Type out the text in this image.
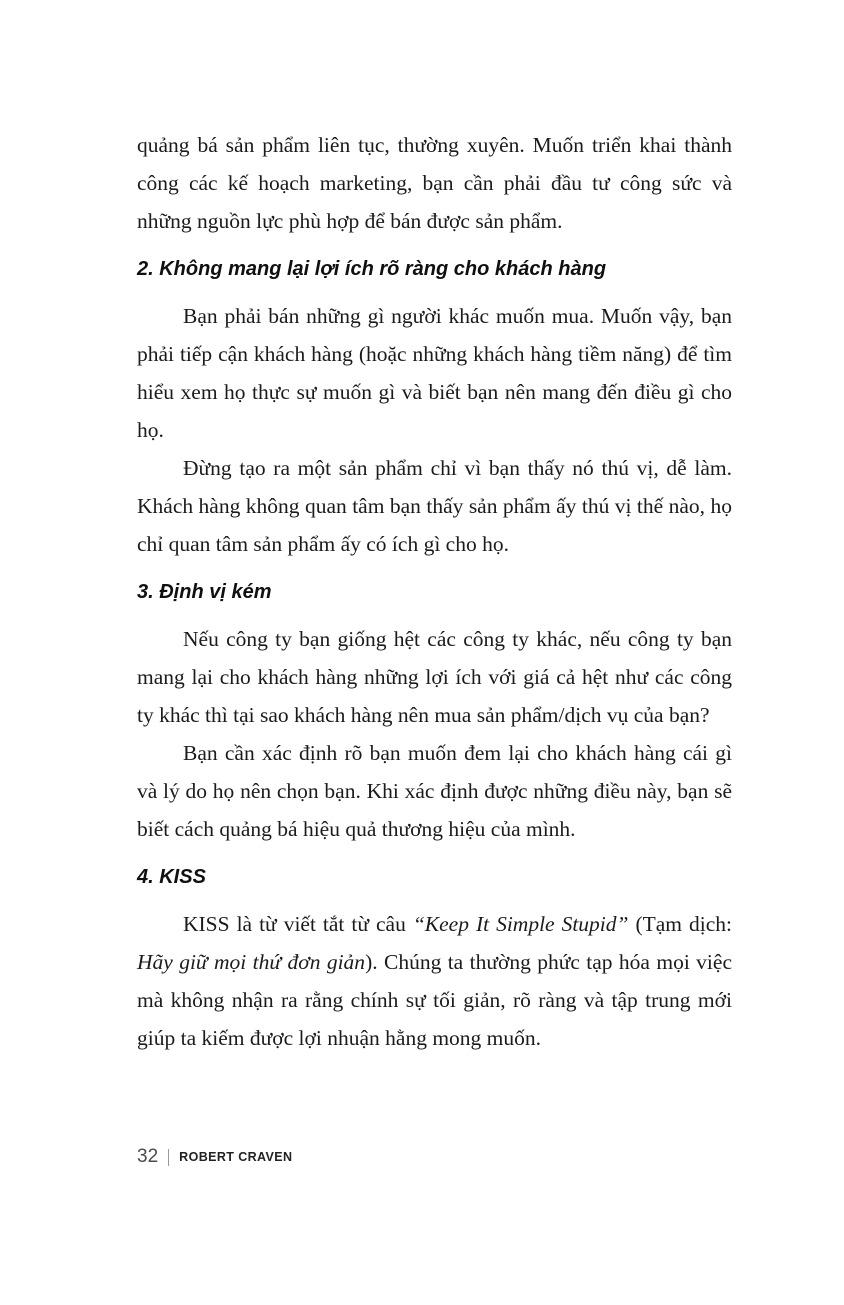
quảng bá sản phẩm liên tục, thường xuyên. Muốn triển khai thành công các kế hoạch marketing, bạn cần phải đầu tư công sức và những nguồn lực phù hợp để bán được sản phẩm.

2. Không mang lại lợi ích rõ ràng cho khách hàng

Bạn phải bán những gì người khác muốn mua. Muốn vậy, bạn phải tiếp cận khách hàng (hoặc những khách hàng tiềm năng) để tìm hiểu xem họ thực sự muốn gì và biết bạn nên mang đến điều gì cho họ.

Đừng tạo ra một sản phẩm chỉ vì bạn thấy nó thú vị, dễ làm. Khách hàng không quan tâm bạn thấy sản phẩm ấy thú vị thế nào, họ chỉ quan tâm sản phẩm ấy có ích gì cho họ.

3. Định vị kém

Nếu công ty bạn giống hệt các công ty khác, nếu công ty bạn mang lại cho khách hàng những lợi ích với giá cả hệt như các công ty khác thì tại sao khách hàng nên mua sản phẩm/dịch vụ của bạn?

Bạn cần xác định rõ bạn muốn đem lại cho khách hàng cái gì và lý do họ nên chọn bạn. Khi xác định được những điều này, bạn sẽ biết cách quảng bá hiệu quả thương hiệu của mình.

4. KISS

KISS là từ viết tắt từ câu “Keep It Simple Stupid” (Tạm dịch: Hãy giữ mọi thứ đơn giản). Chúng ta thường phức tạp hóa mọi việc mà không nhận ra rằng chính sự tối giản, rõ ràng và tập trung mới giúp ta kiếm được lợi nhuận hằng mong muốn.

32 ROBERT CRAVEN
